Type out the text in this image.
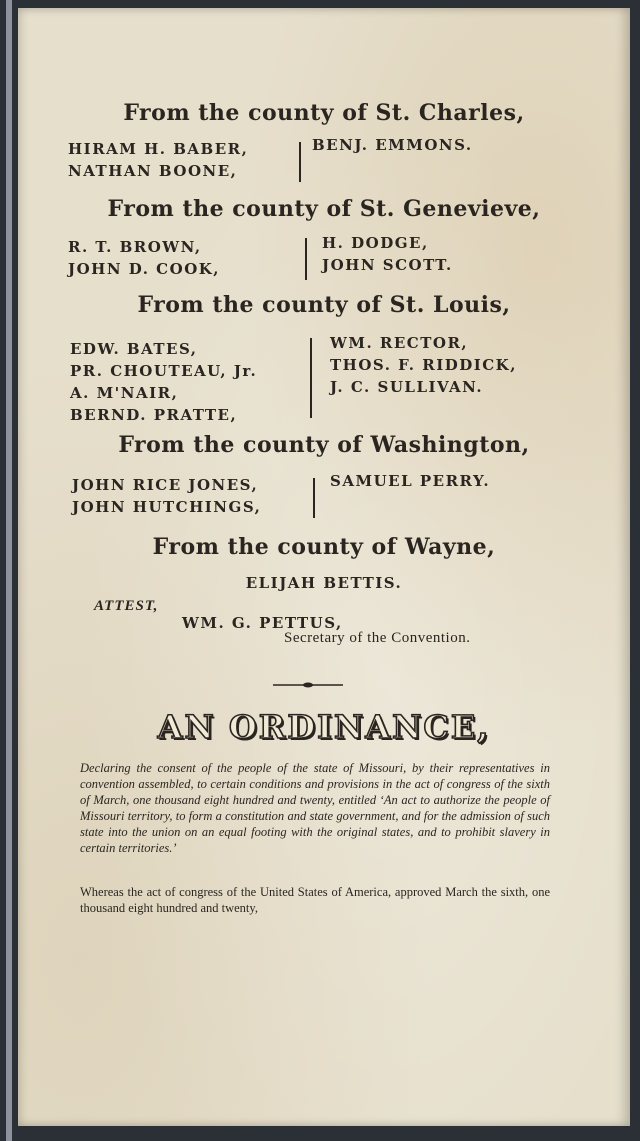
From the county of St. Charles,
HIRAM H. BABER,
NATHAN BOONE,
BENJ. EMMONS.
From the county of St. Genevieve,
R. T. BROWN,
JOHN D. COOK,
H. DODGE,
JOHN SCOTT.
From the county of St. Louis,
EDW. BATES,
PR. CHOUTEAU, Jr.
A. M'NAIR,
BERND. PRATTE,
WM. RECTOR,
THOS. F. RIDDICK,
J. C. SULLIVAN.
From the county of Washington,
JOHN RICE JONES,
JOHN HUTCHINGS,
SAMUEL PERRY.
From the county of Wayne,
ELIJAH BETTIS.
ATTEST,
WM. G. PETTUS,
Secretary of the Convention.
AN ORDINANCE,
Declaring the consent of the people of the state of Missouri, by their representatives in convention assembled, to certain conditions and provisions in the act of congress of the sixth of March, one thousand eight hundred and twenty, entitled ‘An act to authorize the people of Missouri territory, to form a constitution and state government, and for the admission of such state into the union on an equal footing with the original states, and to prohibit slavery in certain territories.’
Whereas the act of congress of the United States of America, approved March the sixth, one thousand eight hundred and twenty,
